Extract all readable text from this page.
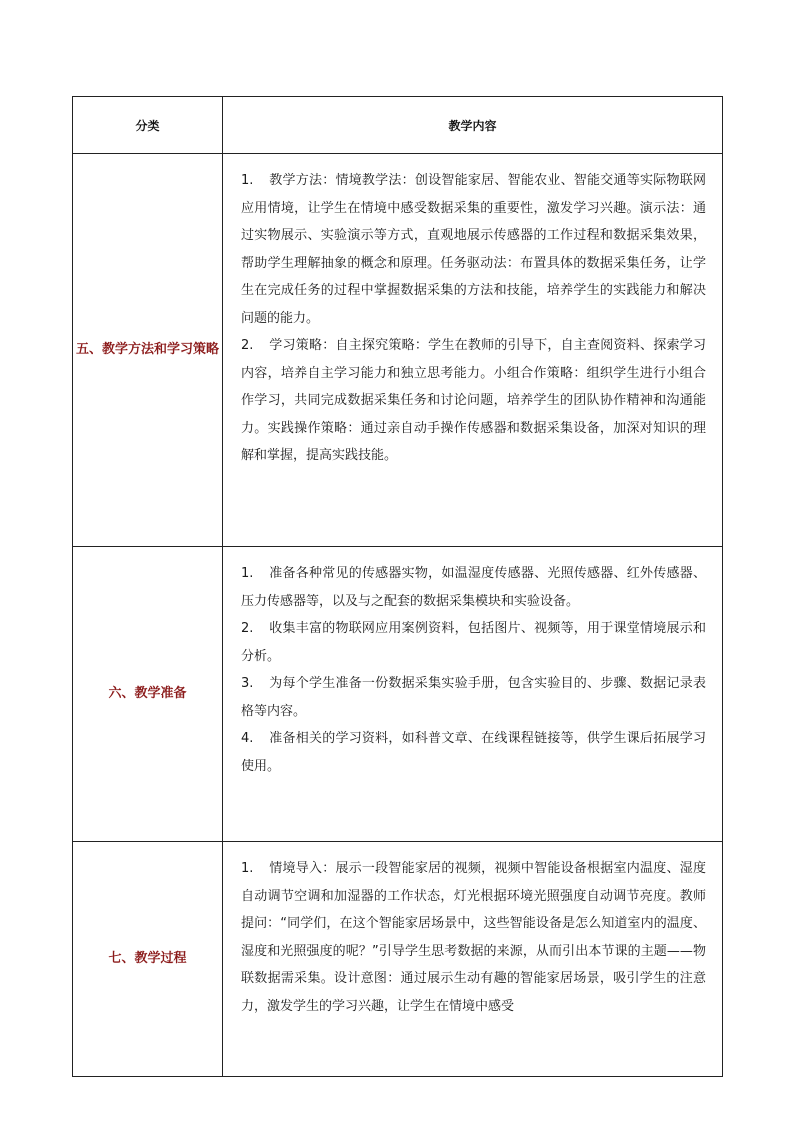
分类	教学内容
五、教学方法和学习策略	1. 教学方法：情境教学法：创设智能家居、智能农业、智能交通等实际物联网应用情境，让学生在情境中感受数据采集的重要性，激发学习兴趣。演示法：通过实物展示、实验演示等方式，直观地展示传感器的工作过程和数据采集效果，帮助学生理解抽象的概念和原理。任务驱动法：布置具体的数据采集任务，让学生在完成任务的过程中掌握数据采集的方法和技能，培养学生的实践能力和解决问题的能力。

2. 学习策略：自主探究策略：学生在教师的引导下，自主查阅资料、探索学习内容，培养自主学习能力和独立思考能力。小组合作策略：组织学生进行小组合作学习，共同完成数据采集任务和讨论问题，培养学生的团队协作精神和沟通能力。实践操作策略：通过亲自动手操作传感器和数据采集设备，加深对知识的理解和掌握，提高实践技能。

六、教学准备	1. 准备各种常见的传感器实物，如温湿度传感器、光照传感器、红外传感器、压力传感器等，以及与之配套的数据采集模块和实验设备。

2. 收集丰富的物联网应用案例资料，包括图片、视频等，用于课堂情境展示和分析。

3. 为每个学生准备一份数据采集实验手册，包含实验目的、步骤、数据记录表格等内容。

4. 准备相关的学习资料，如科普文章、在线课程链接等，供学生课后拓展学习使用。

七、教学过程	1. 情境导入：展示一段智能家居的视频，视频中智能设备根据室内温度、湿度自动调节空调和加湿器的工作状态，灯光根据环境光照强度自动调节亮度。教师提问：“同学们，在这个智能家居场景中，这些智能设备是怎么知道室内的温度、湿度和光照强度的呢？”引导学生思考数据的来源，从而引出本节课的主题——物联数据需采集。设计意图：通过展示生动有趣的智能家居场景，吸引学生的注意力，激发学生的学习兴趣，让学生在情境中感受
